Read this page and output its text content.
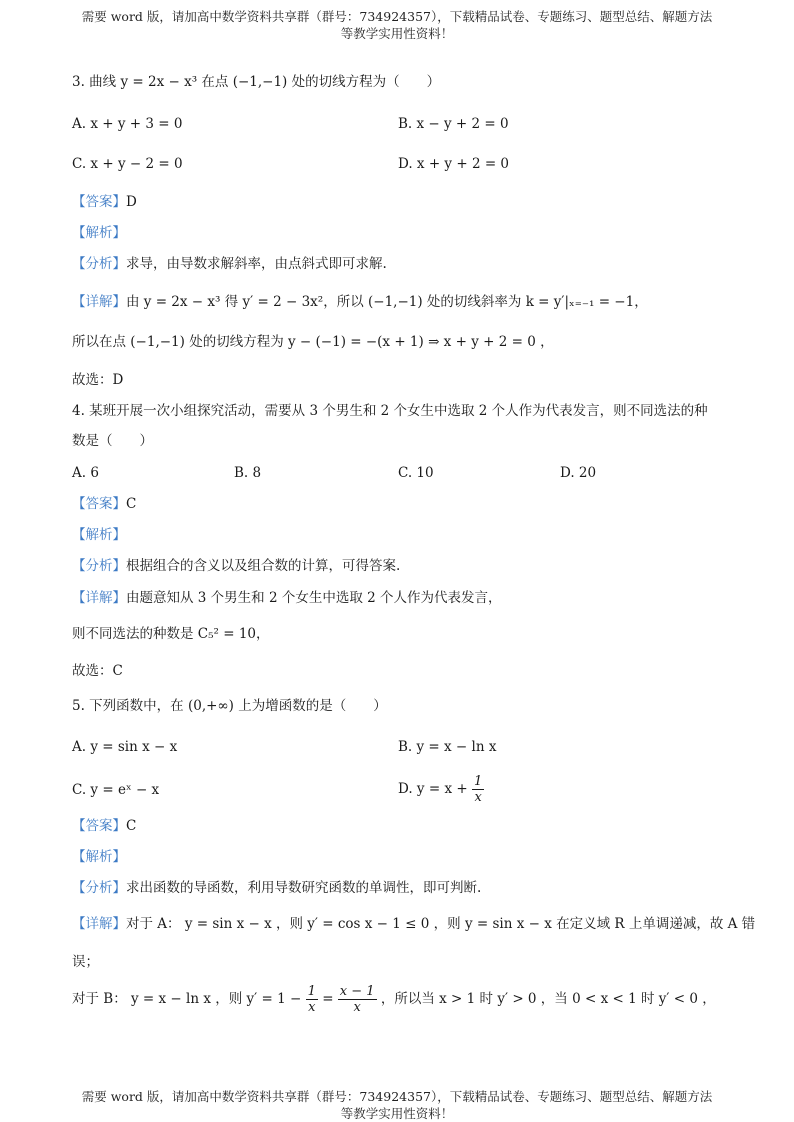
需要 word 版，请加高中数学资料共享群（群号：734924357），下载精品试卷、专题练习、题型总结、解题方法
等教学实用性资料！
3. 曲线 y = 2x − x³ 在点 (−1,−1) 处的切线方程为（　　）
A. x + y + 3 = 0	B. x − y + 2 = 0
C. x + y − 2 = 0	D. x + y + 2 = 0
【答案】D
【解析】
【分析】求导，由导数求解斜率，由点斜式即可求解.
【详解】由 y = 2x − x³ 得 y′ = 2 − 3x²，所以 (−1,−1) 处的切线斜率为 k = y′|ₓ₌₋₁ = −1，
所以在点 (−1,−1) 处的切线方程为 y − (−1) = −(x + 1) ⇒ x + y + 2 = 0 ，
故选：D
4. 某班开展一次小组探究活动，需要从 3 个男生和 2 个女生中选取 2 个人作为代表发言，则不同选法的种
数是（　　）
A. 6	B. 8	C. 10	D. 20
【答案】C
【解析】
【分析】根据组合的含义以及组合数的计算，可得答案.
【详解】由题意知从 3 个男生和 2 个女生中选取 2 个人作为代表发言，
则不同选法的种数是 C₅² = 10，
故选：C
5. 下列函数中，在 (0,+∞) 上为增函数的是（　　）
A. y = sin x − x	B. y = x − ln x
C. y = eˣ − x	D. $y = x + \frac{1}{x}$
【答案】C
【解析】
【分析】求出函数的导函数，利用导数研究函数的单调性，即可判断.
【详解】对于 A： y = sin x − x ，则 y′ = cos x − 1 ≤ 0 ，则 y = sin x − x 在定义域 R 上单调递减，故 A 错
误；
对于 B： y = x − ln x ，则 $y' = 1 - \frac{1}{x} = \frac{x - 1}{x}$ ，所以当 x > 1 时 y′ > 0 ，当 0 < x < 1 时 y′ < 0 ，
需要 word 版，请加高中数学资料共享群（群号：734924357），下载精品试卷、专题练习、题型总结、解题方法
等教学实用性资料！
